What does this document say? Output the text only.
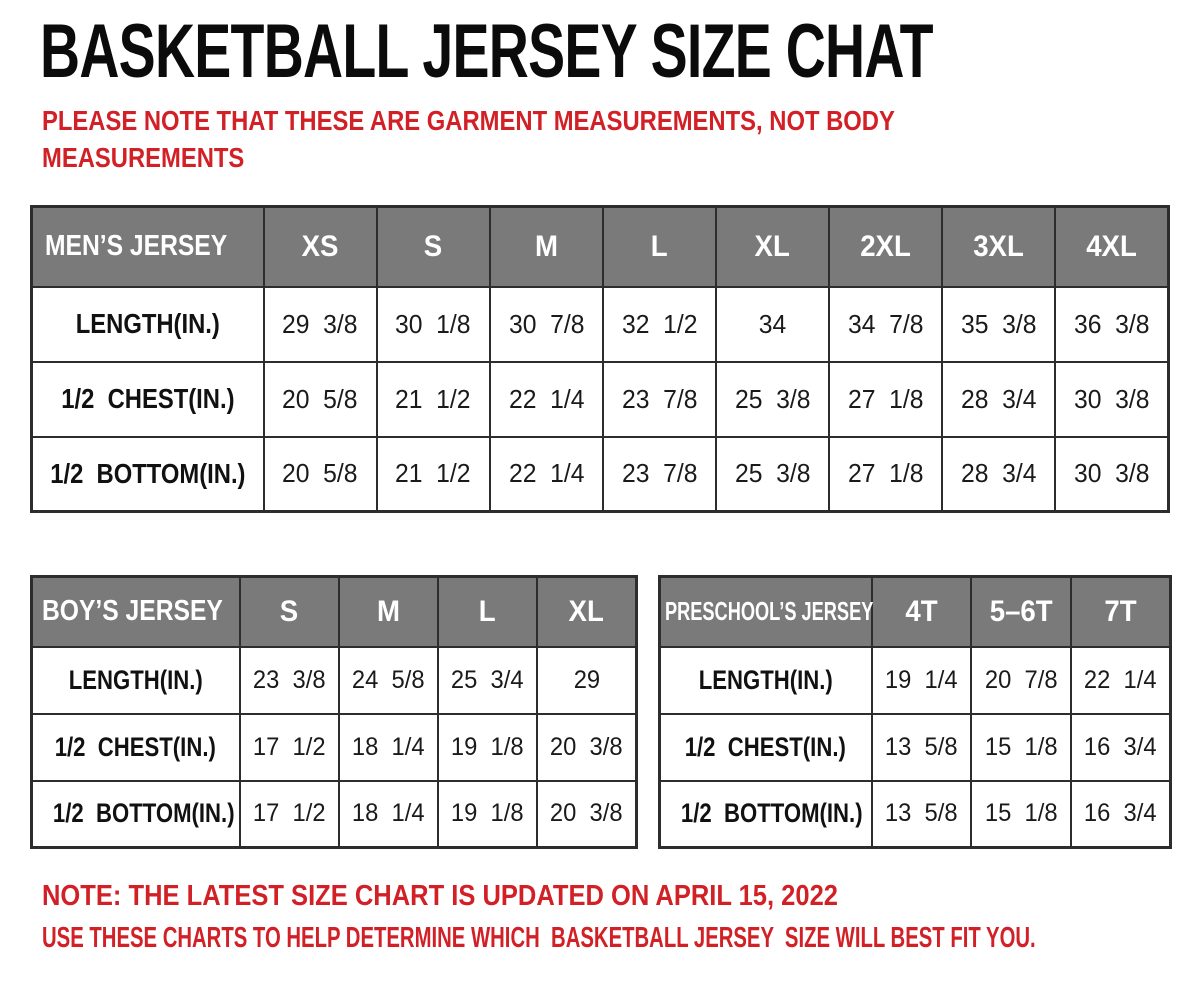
BASKETBALL JERSEY SIZE CHAT
PLEASE NOTE THAT THESE ARE GARMENT MEASUREMENTS, NOT BODY
MEASUREMENTS
MEN’S JERSEY	XS	S	M	L	XL	2XL	3XL	4XL
LENGTH(IN.)	29  3/8	30  1/8	30  7/8	32  1/2	34	34  7/8	35  3/8	36  3/8
1/2  CHEST(IN.)	20  5/8	21  1/2	22  1/4	23  7/8	25  3/8	27  1/8	28  3/4	30  3/8
1/2  BOTTOM(IN.)	20  5/8	21  1/2	22  1/4	23  7/8	25  3/8	27  1/8	28  3/4	30  3/8
BOY’S JERSEY	S	M	L	XL
LENGTH(IN.)	23  3/8	24  5/8	25  3/4	29
1/2  CHEST(IN.)	17  1/2	18  1/4	19  1/8	20  3/8
1/2  BOTTOM(IN.)	17  1/2	18  1/4	19  1/8	20  3/8
PRESCHOOL’S JERSEY	4T	5–6T	7T
LENGTH(IN.)	19  1/4	20  7/8	22  1/4
1/2  CHEST(IN.)	13  5/8	15  1/8	16  3/4
1/2  BOTTOM(IN.)	13  5/8	15  1/8	16  3/4
NOTE: THE LATEST SIZE CHART IS UPDATED ON APRIL 15, 2022
USE THESE CHARTS TO HELP DETERMINE WHICH  BASKETBALL JERSEY  SIZE WILL BEST FIT YOU.
